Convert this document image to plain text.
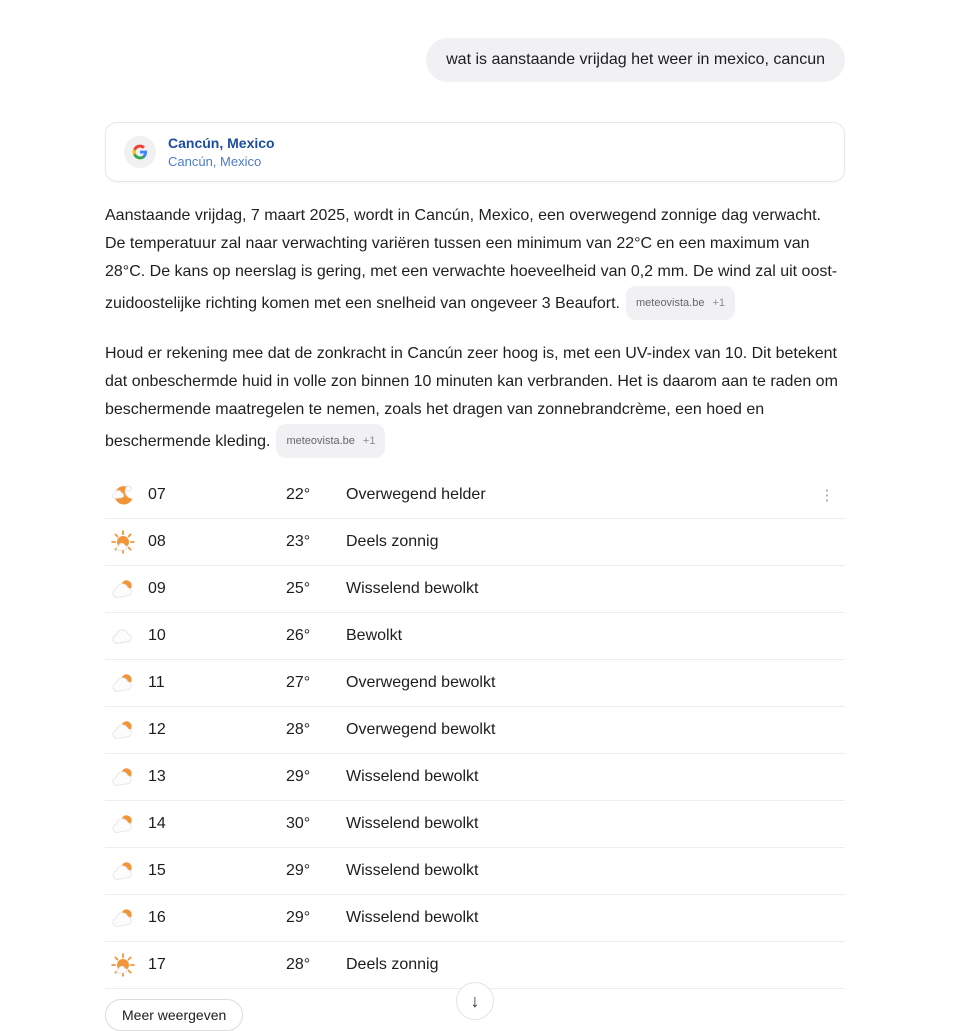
wat is aanstaande vrijdag het weer in mexico, cancun
Cancún, Mexico
Cancún, Mexico

Aanstaande vrijdag, 7 maart 2025, wordt in Cancún, Mexico, een overwegend zonnige dag verwacht. De temperatuur zal naar verwachting variëren tussen een minimum van 22°C en een maximum van 28°C. De kans op neerslag is gering, met een verwachte hoeveelheid van 0,2 mm. De wind zal uit oost-zuidoostelijke richting komen met een snelheid van ongeveer 3 Beaufort. meteovista.be +1

Houd er rekening mee dat de zonkracht in Cancún zeer hoog is, met een UV-index van 10. Dit betekent dat onbeschermde huid in volle zon binnen 10 minuten kan verbranden. Het is daarom aan te raden om beschermende maatregelen te nemen, zoals het dragen van zonnebrandcrème, een hoed en beschermende kleding. meteovista.be +1

07	22°	Overwegend helder	⋮
08	23°	Deels zonnig
09	25°	Wisselend bewolkt
10	26°	Bewolkt
11	27°	Overwegend bewolkt
12	28°	Overwegend bewolkt
13	29°	Wisselend bewolkt
14	30°	Wisselend bewolkt
15	29°	Wisselend bewolkt
16	29°	Wisselend bewolkt
17	28°	Deels zonnig
Meer weergeven
↓
